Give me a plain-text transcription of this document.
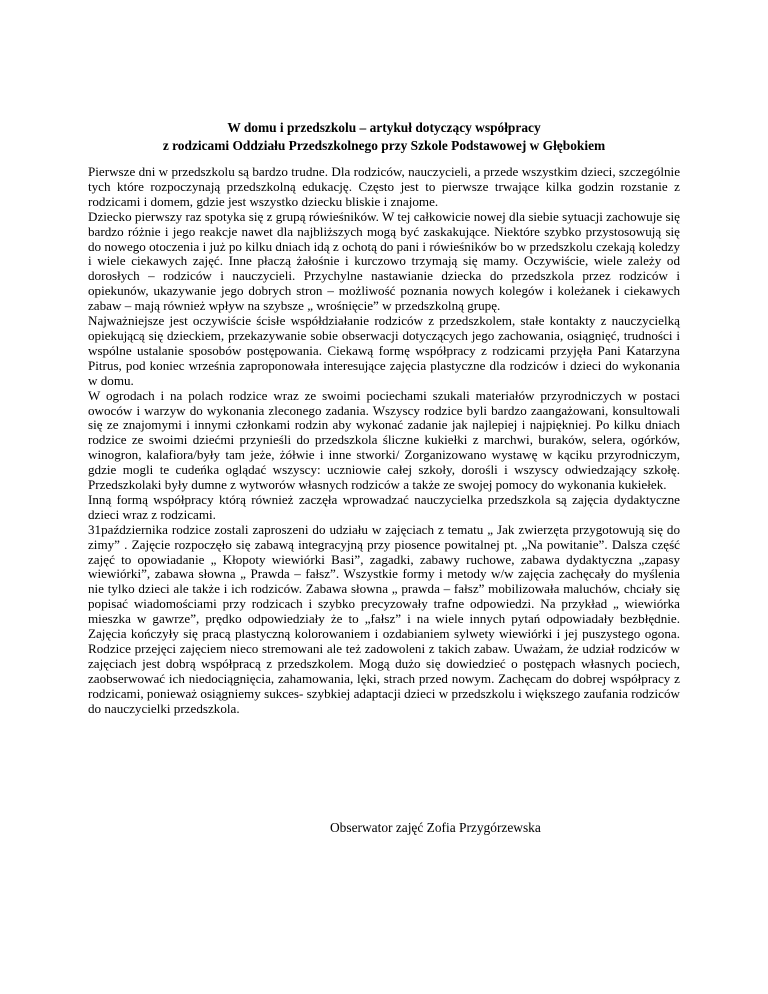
W domu i przedszkolu – artykuł dotyczący współpracy
z rodzicami Oddziału Przedszkolnego przy Szkole Podstawowej w Głębokiem

Pierwsze dni w przedszkolu są bardzo trudne. Dla rodziców, nauczycieli, a przede wszystkim dzieci, szczególnie tych które rozpoczynają przedszkolną edukację. Często jest to pierwsze trwające kilka godzin rozstanie z rodzicami i domem, gdzie jest wszystko dziecku bliskie i znajome.

Dziecko pierwszy raz spotyka się z grupą rówieśników. W tej całkowicie nowej dla siebie sytuacji zachowuje się bardzo różnie i jego reakcje nawet dla najbliższych mogą być zaskakujące. Niektóre szybko przystosowują się do nowego otoczenia i już po kilku dniach idą z ochotą do pani i rówieśników bo w przedszkolu czekają koledzy i wiele ciekawych zajęć. Inne płaczą żałośnie i kurczowo trzymają się mamy. Oczywiście, wiele zależy od dorosłych – rodziców i nauczycieli. Przychylne nastawianie dziecka do przedszkola przez rodziców i opiekunów, ukazywanie jego dobrych stron – możliwość poznania nowych kolegów i koleżanek i ciekawych zabaw – mają również wpływ na szybsze „ wrośnięcie” w przedszkolną grupę.

Najważniejsze jest oczywiście ścisłe współdziałanie rodziców z przedszkolem, stałe kontakty z nauczycielką opiekującą się dzieckiem, przekazywanie sobie obserwacji dotyczących jego zachowania, osiągnięć, trudności i wspólne ustalanie sposobów postępowania. Ciekawą formę współpracy z rodzicami przyjęła Pani Katarzyna Pitrus, pod koniec września zaproponowała interesujące zajęcia plastyczne dla rodziców i dzieci do wykonania w domu.

W ogrodach i na polach rodzice wraz ze swoimi pociechami szukali materiałów przyrodniczych w postaci owoców i warzyw do wykonania zleconego zadania. Wszyscy rodzice byli bardzo zaangażowani, konsultowali się ze znajomymi i innymi członkami rodzin aby wykonać zadanie jak najlepiej i najpiękniej. Po kilku dniach rodzice ze swoimi dziećmi przynieśli do przedszkola śliczne kukiełki z marchwi, buraków, selera, ogórków, winogron, kalafiora/były tam jeże, żółwie i inne stworki/ Zorganizowano wystawę w kąciku przyrodniczym, gdzie mogli te cudeńka oglądać wszyscy: uczniowie całej szkoły, dorośli i wszyscy odwiedzający szkołę. Przedszkolaki były dumne z wytworów własnych rodziców a także ze swojej pomocy do wykonania kukiełek.

Inną formą współpracy którą również zaczęła wprowadzać nauczycielka przedszkola są zajęcia dydaktyczne dzieci wraz z rodzicami.

31października rodzice zostali zaproszeni do udziału w zajęciach z tematu „ Jak zwierzęta przygotowują się do zimy” . Zajęcie rozpoczęło się zabawą integracyjną przy piosence powitalnej pt. „Na powitanie”. Dalsza część zajęć to opowiadanie „ Kłopoty wiewiórki Basi”, zagadki, zabawy ruchowe, zabawa dydaktyczna „zapasy wiewiórki”, zabawa słowna „ Prawda – fałsz”. Wszystkie formy i metody w/w zajęcia zachęcały do myślenia nie tylko dzieci ale także i ich rodziców. Zabawa słowna „ prawda – fałsz” mobilizowała maluchów, chciały się popisać wiadomościami przy rodzicach i szybko precyzowały trafne odpowiedzi. Na przykład „ wiewiórka mieszka w gawrze”, prędko odpowiedziały że to „fałsz” i na wiele innych pytań odpowiadały bezbłędnie. Zajęcia kończyły się pracą plastyczną kolorowaniem i ozdabianiem sylwety wiewiórki i jej puszystego ogona. Rodzice przejęci zajęciem nieco stremowani ale też zadowoleni z takich zabaw. Uważam, że udział rodziców w zajęciach jest dobrą współpracą z przedszkolem. Mogą dużo się dowiedzieć o postępach własnych pociech, zaobserwować ich niedociągnięcia, zahamowania, lęki, strach przed nowym. Zachęcam do dobrej współpracy z rodzicami, ponieważ osiągniemy sukces- szybkiej adaptacji dzieci w przedszkolu i większego zaufania rodziców do nauczycielki przedszkola.

Obserwator zajęć Zofia Przygórzewska
